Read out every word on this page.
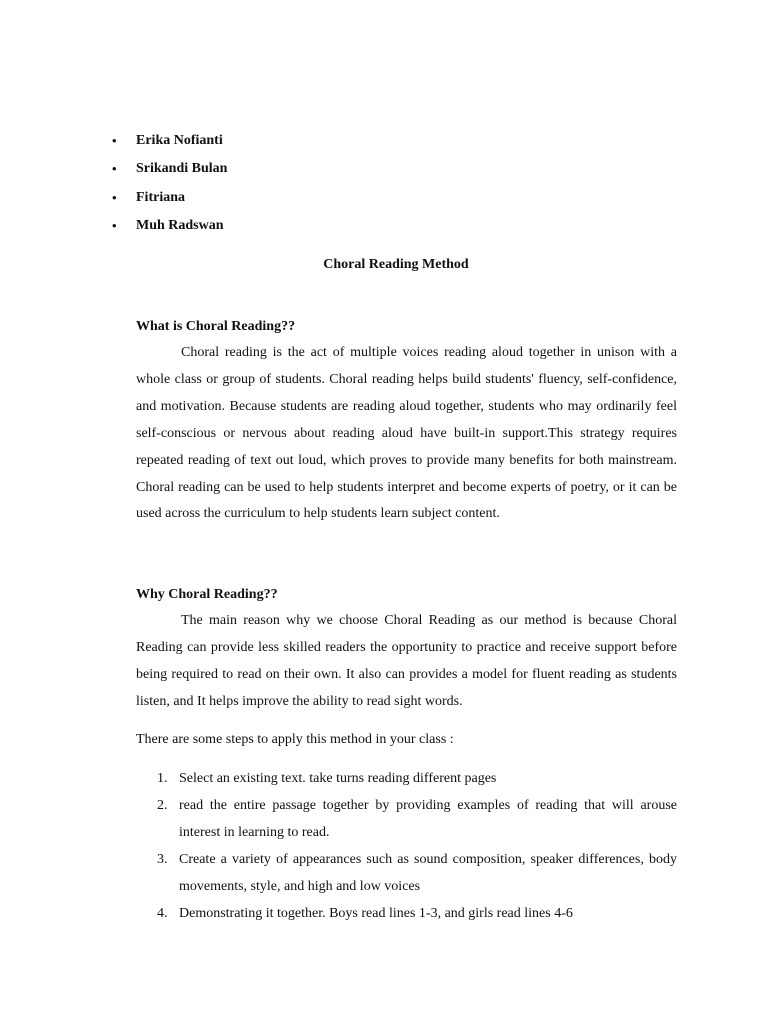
• Erika Nofianti
• Srikandi Bulan
• Fitriana
• Muh Radswan
Choral Reading Method
What is Choral Reading??

Choral reading is the act of multiple voices reading aloud together in unison with a whole class or group of students. Choral reading helps build students' fluency, self-confidence, and motivation. Because students are reading aloud together, students who may ordinarily feel self-conscious or nervous about reading aloud have built-in support.This strategy requires repeated reading of text out loud, which proves to provide many benefits for both mainstream. Choral reading can be used to help students interpret and become experts of poetry, or it can be used across the curriculum to help students learn subject content.

Why Choral Reading??

The main reason why we choose Choral Reading as our method is because Choral Reading can provide less skilled readers the opportunity to practice and receive support before being required to read on their own. It also can provides a model for fluent reading as students listen, and It helps improve the ability to read sight words.

There are some steps to apply this method in your class :
1. Select an existing text. take turns reading different pages
2. read the entire passage together by providing examples of reading that will arouse interest in learning to read.
3. Create a variety of appearances such as sound composition, speaker differences, body movements, style, and high and low voices
4. Demonstrating it together. Boys read lines 1-3, and girls read lines 4-6
